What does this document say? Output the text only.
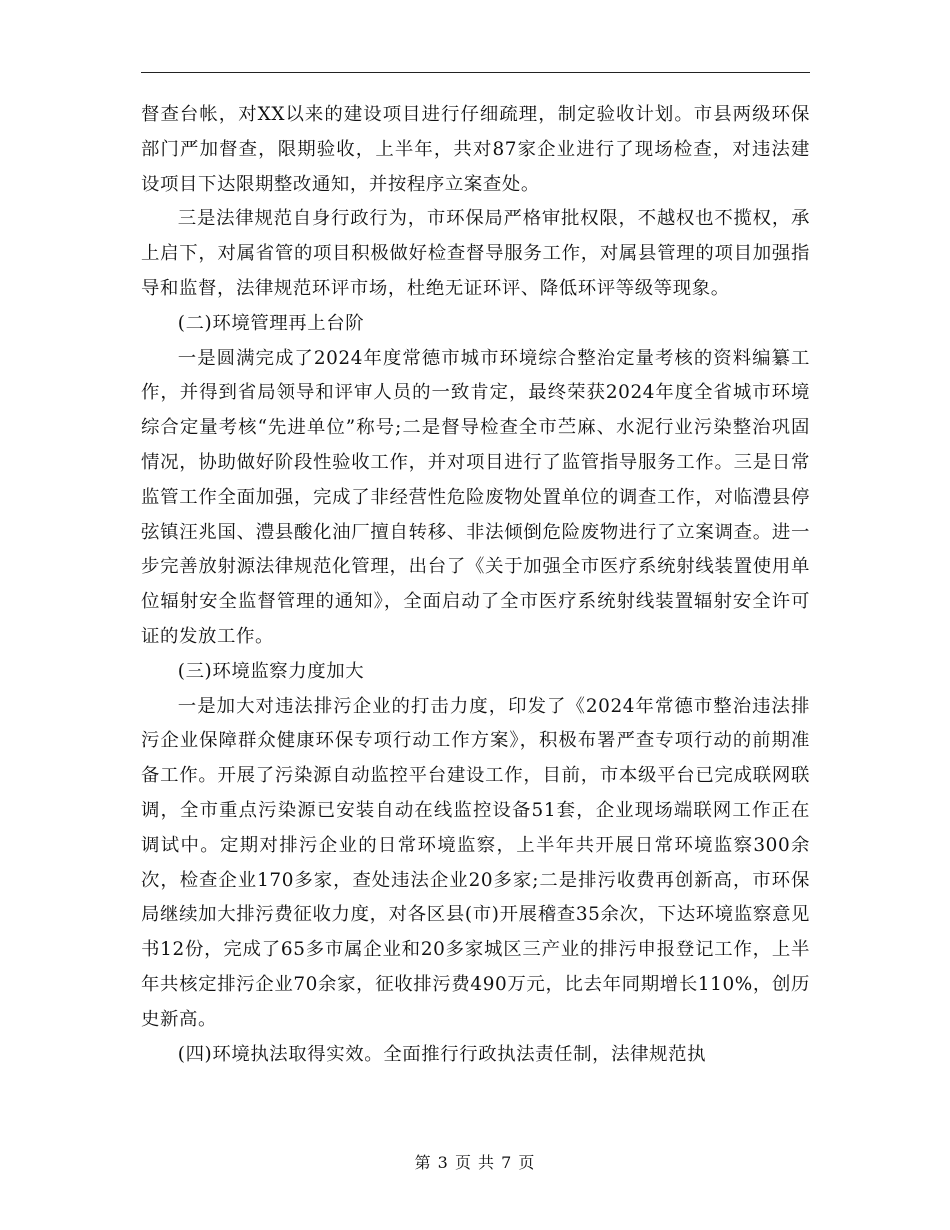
督查台帐，对XX以来的建设项目进行仔细疏理，制定验收计划。市县两级环保部门严加督查，限期验收，上半年，共对87家企业进行了现场检查，对违法建设项目下达限期整改通知，并按程序立案查处。

三是法律规范自身行政行为，市环保局严格审批权限，不越权也不揽权，承上启下，对属省管的项目积极做好检查督导服务工作，对属县管理的项目加强指导和监督，法律规范环评市场，杜绝无证环评、降低环评等级等现象。

(二)环境管理再上台阶

一是圆满完成了2024年度常德市城市环境综合整治定量考核的资料编纂工作，并得到省局领导和评审人员的一致肯定，最终荣获2024年度全省城市环境综合定量考核“先进单位”称号;二是督导检查全市苎麻、水泥行业污染整治巩固情况，协助做好阶段性验收工作，并对项目进行了监管指导服务工作。三是日常监管工作全面加强，完成了非经营性危险废物处置单位的调查工作，对临澧县停弦镇汪兆国、澧县酸化油厂擅自转移、非法倾倒危险废物进行了立案调查。进一步完善放射源法律规范化管理，出台了《关于加强全市医疗系统射线装置使用单位辐射安全监督管理的通知》，全面启动了全市医疗系统射线装置辐射安全许可证的发放工作。

(三)环境监察力度加大

一是加大对违法排污企业的打击力度，印发了《2024年常德市整治违法排污企业保障群众健康环保专项行动工作方案》，积极布署严查专项行动的前期准备工作。开展了污染源自动监控平台建设工作，目前，市本级平台已完成联网联调，全市重点污染源已安装自动在线监控设备51套，企业现场端联网工作正在调试中。定期对排污企业的日常环境监察，上半年共开展日常环境监察300余次，检查企业170多家，查处违法企业20多家;二是排污收费再创新高，市环保局继续加大排污费征收力度，对各区县(市)开展稽查35余次，下达环境监察意见书12份，完成了65多市属企业和20多家城区三产业的排污申报登记工作，上半年共核定排污企业70余家，征收排污费490万元，比去年同期增长110%，创历史新高。

(四)环境执法取得实效。全面推行行政执法责任制，法律规范执

第 3 页 共 7 页
